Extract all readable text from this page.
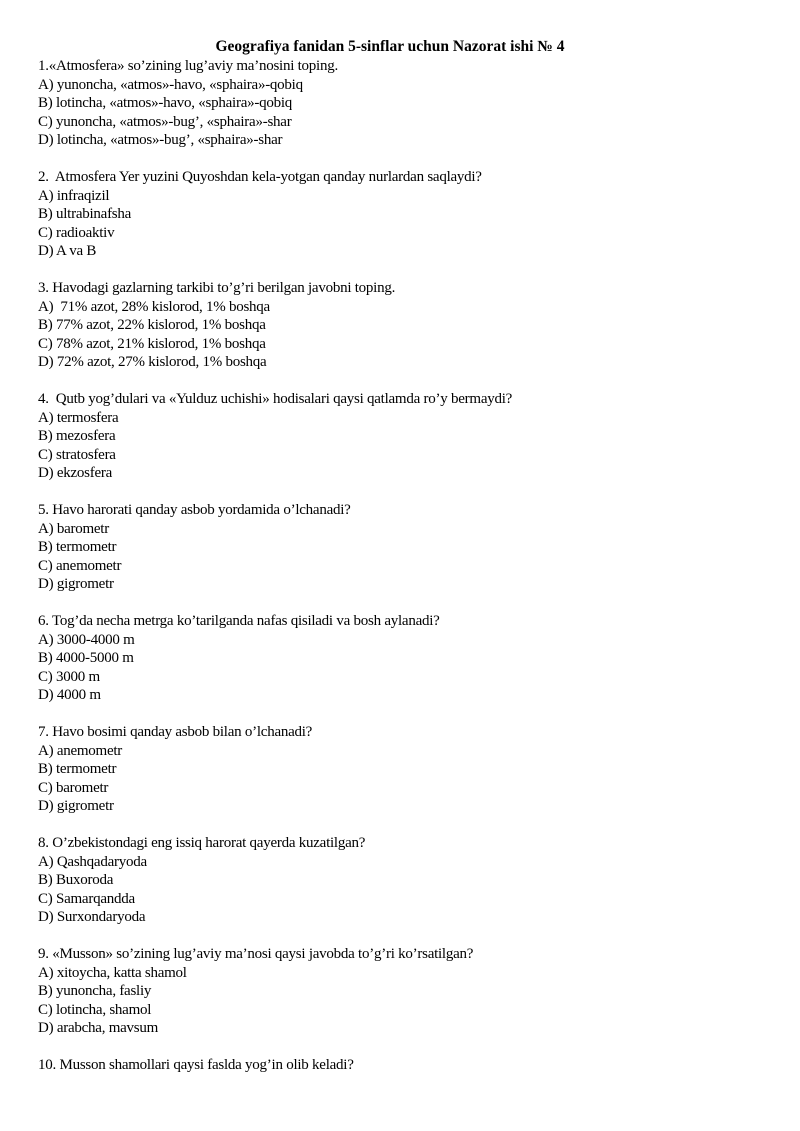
Geografiya fanidan 5-sinflar uchun Nazorat ishi № 4
1.«Atmosfera» so’zining lug’aviy ma’nosini toping.
A) yunoncha, «atmos»-havo, «sphaira»-qobiq
B) lotincha, «atmos»-havo, «sphaira»-qobiq
C) yunoncha, «atmos»-bug’, «sphaira»-shar
D) lotincha, «atmos»-bug’, «sphaira»-shar
2.  Atmosfera Yer yuzini Quyoshdan kela-yotgan qanday nurlardan saqlaydi?
A) infraqizil
B) ultrabinafsha
C) radioaktiv
D) A va B
3. Havodagi gazlarning tarkibi to’g’ri berilgan javobni toping.
A)  71% azot, 28% kislorod, 1% boshqa
B) 77% azot, 22% kislorod, 1% boshqa
C) 78% azot, 21% kislorod, 1% boshqa
D) 72% azot, 27% kislorod, 1% boshqa
4.  Qutb yog’dulari va «Yulduz uchishi» hodisalari qaysi qatlamda ro’y bermaydi?
A) termosfera
B) mezosfera
C) stratosfera
D) ekzosfera
5. Havo harorati qanday asbob yordamida o’lchanadi?
A) barometr
B) termometr
C) anemometr
D) gigrometr
6. Tog’da necha metrga ko’tarilganda nafas qisiladi va bosh aylanadi?
A) 3000-4000 m
B) 4000-5000 m
C) 3000 m
D) 4000 m
7. Havo bosimi qanday asbob bilan o’lchanadi?
A) anemometr
B) termometr
C) barometr
D) gigrometr
8. O’zbekistondagi eng issiq harorat qayerda kuzatilgan?
A) Qashqadaryoda
B) Buxoroda
C) Samarqandda
D) Surxondaryoda
9. «Musson» so’zining lug’aviy ma’nosi qaysi javobda to’g’ri ko’rsatilgan?
A) xitoycha, katta shamol
B) yunoncha, fasliy
C) lotincha, shamol
D) arabcha, mavsum
10. Musson shamollari qaysi faslda yog’in olib keladi?
